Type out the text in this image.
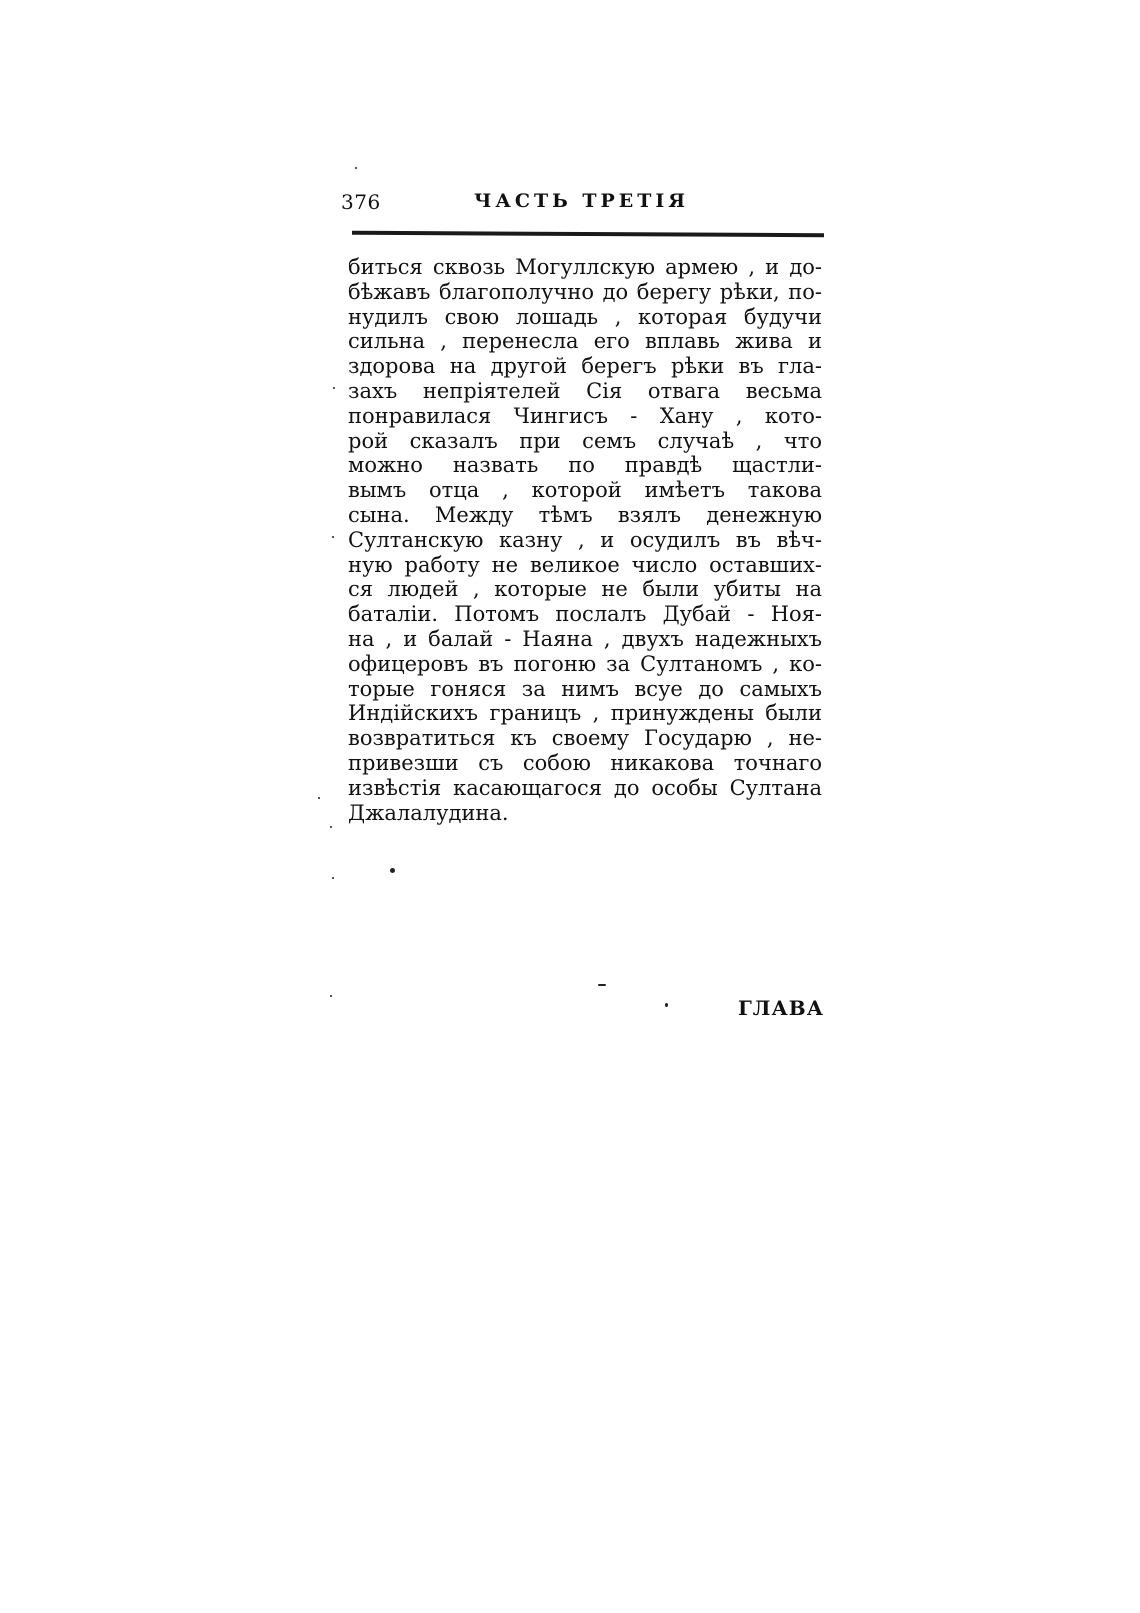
376	ЧАСТЬ ТРЕТIЯ
биться сквозь Могуллскую армею , и до-
бѣжавъ благополучно до берегу рѣки, по-
нудилъ свою лошадь , которая будучи
сильна , перенесла его вплавь жива и
здорова на другой берегъ рѣки въ гла-
захъ непрiятелей Сiя отвага весьма
понравилася Чингисъ - Хану , кото-
рой сказалъ при семъ случаѣ , что
можно назвать по правдѣ щастли-
вымъ отца , которой имѣетъ такова
сына. Между тѣмъ взялъ денежную
Султанскую казну , и осудилъ въ вѣч-
ную работу не великое число оставших-
ся людей , которые не были убиты на
баталiи. Потомъ послалъ Дубай - Ноя-
на , и балай - Наяна , двухъ надежныхъ
офицеровъ въ погоню за Султаномъ , ко-
торые гоняся за нимъ всуе до самыхъ
Индiйскихъ границъ , принуждены были
возвратиться къ своему Государю , не-
привезши съ собою никакова точнаго
извѣстiя касающагося до особы Султана
Джалалудина.
ГЛАВА
